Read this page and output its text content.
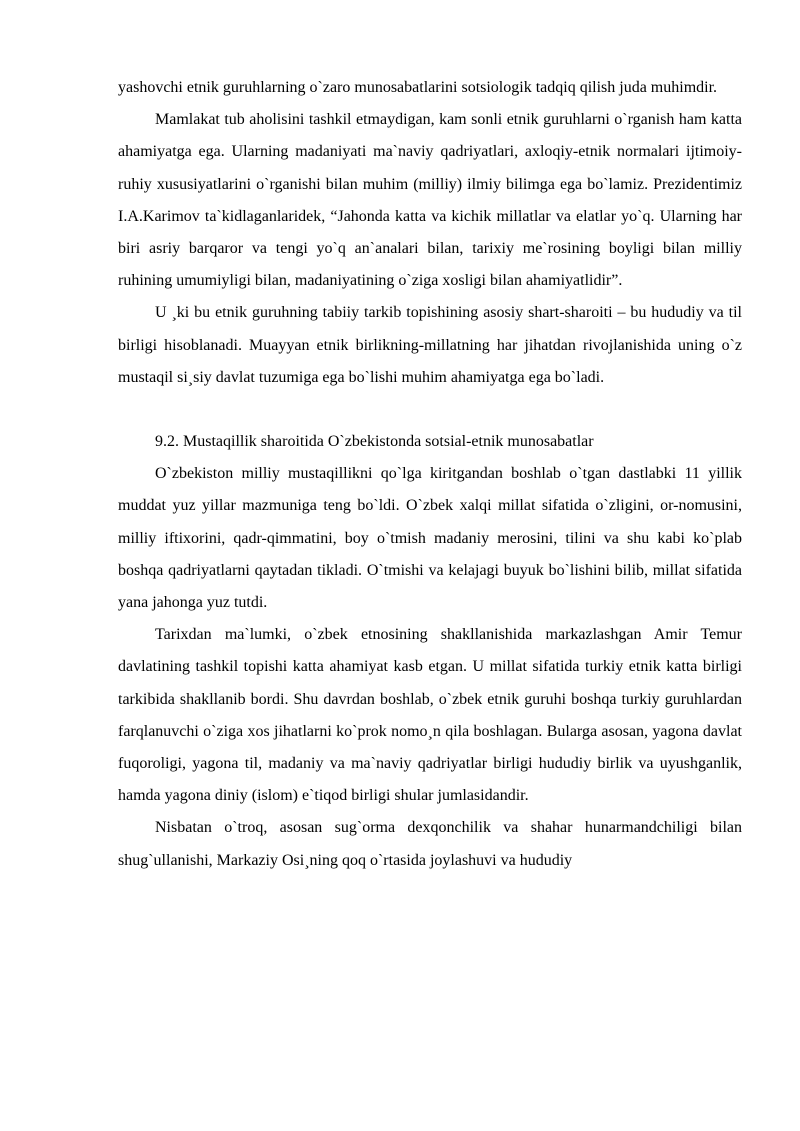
yashovchi etnik guruhlarning o`zaro munosabatlarini sotsiologik tadqiq qilish juda muhimdir.

Mamlakat tub aholisini tashkil etmaydigan, kam sonli etnik guruhlarni o`rganish ham katta ahamiyatga ega. Ularning madaniyati ma`naviy qadriyatlari, axloqiy-etnik normalari ijtimoiy-ruhiy xususiyatlarini o`rganishi bilan muhim (milliy) ilmiy bilimga ega bo`lamiz. Prezidentimiz I.A.Karimov ta`kidlaganlaridek, “Jahonda katta va kichik millatlar va elatlar yo`q. Ularning har biri asriy barqaror va tengi yo`q an`analari bilan, tarixiy me`rosining boyligi bilan milliy ruhining umumiyligi bilan, madaniyatining o`ziga xosligi bilan ahamiyatlidir”.

U ¸ki bu etnik guruhning tabiiy tarkib topishining asosiy shart-sharoiti – bu hududiy va til birligi hisoblanadi. Muayyan etnik birlikning-millatning har jihatdan rivojlanishida uning o`z mustaqil si¸siy davlat tuzumiga ega bo`lishi muhim ahamiyatga ega bo`ladi.

9.2. Mustaqillik sharoitida O`zbekistonda sotsial-etnik munosabatlar

O`zbekiston milliy mustaqillikni qo`lga kiritgandan boshlab o`tgan dastlabki 11 yillik muddat yuz yillar mazmuniga teng bo`ldi. O`zbek xalqi millat sifatida o`zligini, or-nomusini, milliy iftixorini, qadr-qimmatini, boy o`tmish madaniy merosini, tilini va shu kabi ko`plab boshqa qadriyatlarni qaytadan tikladi. O`tmishi va kelajagi buyuk bo`lishini bilib, millat sifatida yana jahonga yuz tutdi.

Tarixdan ma`lumki, o`zbek etnosining shakllanishida markazlashgan Amir Temur davlatining tashkil topishi katta ahamiyat kasb etgan. U millat sifatida turkiy etnik katta birligi tarkibida shakllanib bordi. Shu davrdan boshlab, o`zbek etnik guruhi boshqa turkiy guruhlardan farqlanuvchi o`ziga xos jihatlarni ko`prok nomo¸n qila boshlagan. Bularga asosan, yagona davlat fuqoroligi, yagona til, madaniy va ma`naviy qadriyatlar birligi hududiy birlik va uyushganlik, hamda yagona diniy (islom) e`tiqod birligi shular jumlasidandir.

Nisbatan o`troq, asosan sug`orma dexqonchilik va shahar hunarmandchiligi bilan shug`ullanishi, Markaziy Osi¸ning qoq o`rtasida joylashuvi va hududiy
